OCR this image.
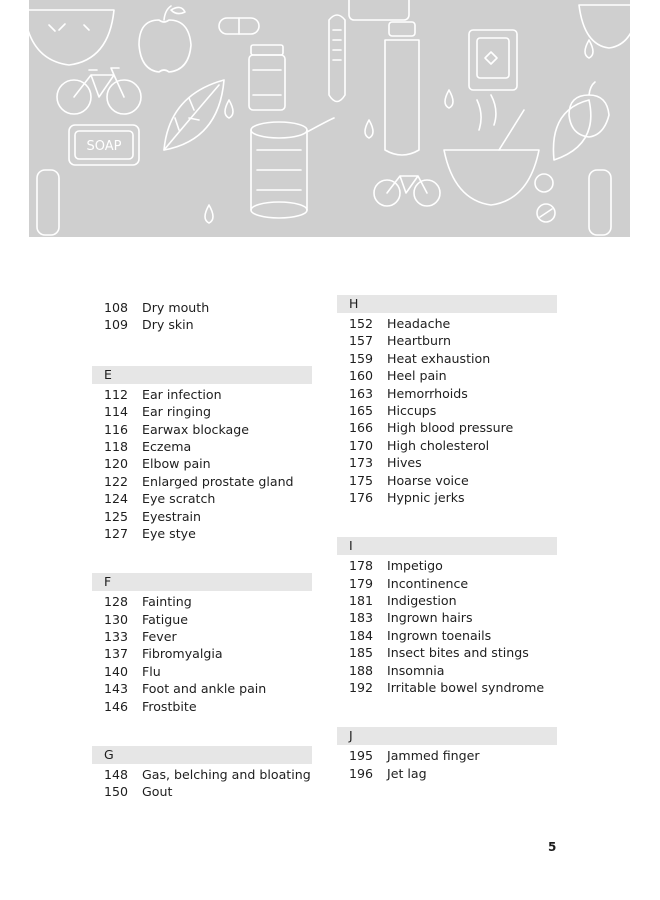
SOAP
108 Dry mouth
109 Dry skin
E
112 Ear infection
114 Ear ringing
116 Earwax blockage
118 Eczema
120 Elbow pain
122 Enlarged prostate gland
124 Eye scratch
125 Eyestrain
127 Eye stye
F
128 Fainting
130 Fatigue
133 Fever
137 Fibromyalgia
140 Flu
143 Foot and ankle pain
146 Frostbite
G
148 Gas, belching and bloating
150 Gout
H
152 Headache
157 Heartburn
159 Heat exhaustion
160 Heel pain
163 Hemorrhoids
165 Hiccups
166 High blood pressure
170 High cholesterol
173 Hives
175 Hoarse voice
176 Hypnic jerks
I
178 Impetigo
179 Incontinence
181 Indigestion
183 Ingrown hairs
184 Ingrown toenails
185 Insect bites and stings
188 Insomnia
192 Irritable bowel syndrome
J
195 Jammed finger
196 Jet lag
5
